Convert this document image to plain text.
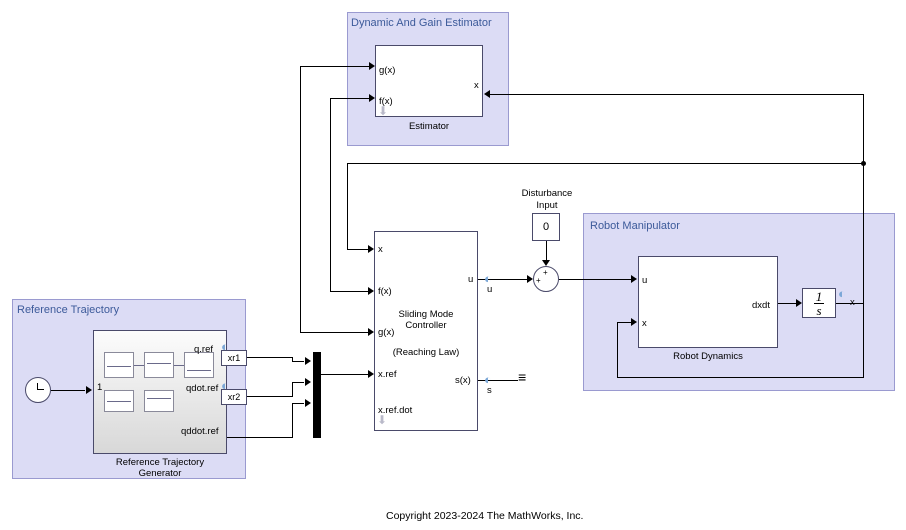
Dynamic And Gain Estimator
g(x)
f(x)
x
⬇
Estimator
Robot Manipulator
u
x
dxdt
Robot Dynamics
$\frac{1}{s}$ ◐
Reference Trajectory
1
q.ref
qdot.ref
qddot.ref
Reference Trajectory
Generator
xr1
◐
xr2
◐
x
f(x)
g(x)
x.ref
x.ref.dot
u
s(x)
Sliding Mode
Controller
(Reaching Law)
⬇
Disturbance
Input
0
+
+
u
◐
s
◐ ≡
Copyright 2023-2024 The MathWorks, Inc.
